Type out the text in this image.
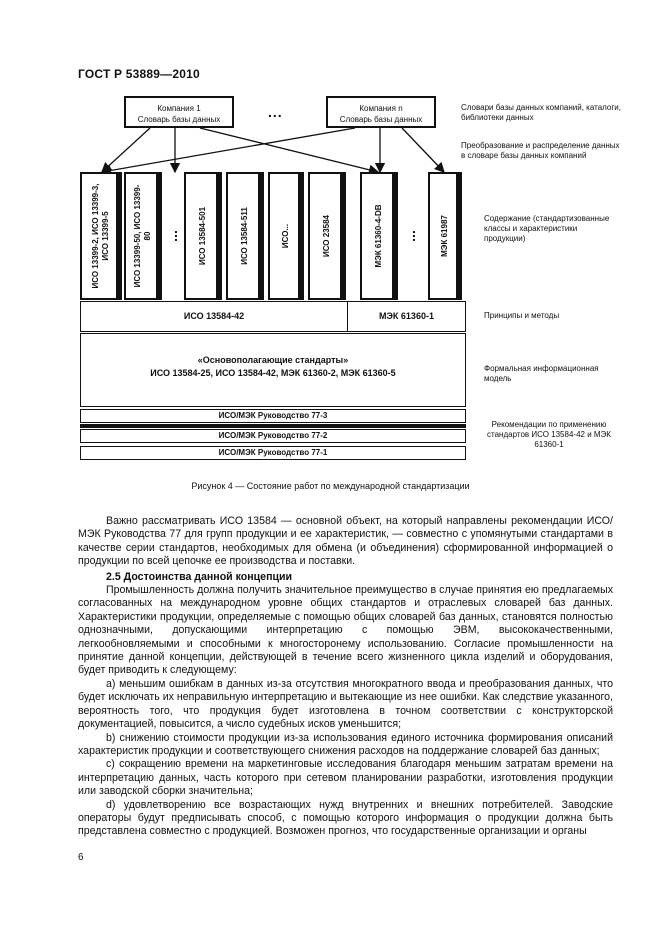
ГОСТ Р 53889—2010
Компания 1
Словарь базы данных	...	Компания n
Словарь базы данных
Словари базы данных компаний, каталоги, библиотеки данных
Преобразование и распределение данных в словаре базы данных компаний
ИСО 13399-2, ИСО 13399-3, ИСО 13399-5	ИСО 13399-50, ИСО 13399-80 ... ИСО 13584-501	ИСО 13584-511	ИСО...	ИСО 23584	МЭК 61360-4-DB ...	МЭК 61987	Содержание (стандартизованные классы и характеристики продукции)
ИСО 13584-42	МЭК 61360-1	Принципы и методы
«Основополагающие стандарты»
ИСО 13584-25, ИСО 13584-42, МЭК 61360-2, МЭК 61360-5	Формальная информационная модель
ИСО/МЭК Руководство 77-3
ИСО/МЭК Руководство 77-2
ИСО/МЭК Руководство 77-1
Рекомендации по применению стандартов ИСО 13584-42 и МЭК 61360-1
Рисунок 4 — Состояние работ по международной стандартизации

Важно рассматривать ИСО 13584 — основной объект, на который направлены рекомендации ИСО/МЭК Руководства 77 для групп продукции и ее характеристик, — совместно с упомянутыми стандартами в качестве серии стандартов, необходимых для обмена (и объединения) сформированной информацией о продукции по всей цепочке ее производства и поставки.

2.5 Достоинства данной концепции

Промышленность должна получить значительное преимущество в случае принятия ею предлагаемых согласованных на международном уровне общих стандартов и отраслевых словарей баз данных. Характеристики продукции, определяемые с помощью общих словарей баз данных, становятся полностью однозначными, допускающими интерпретацию с помощью ЭВМ, высококачественными, легкообновляемыми и способными к многосторонему использованию. Согласие промышленности на принятие данной концепции, действующей в течение всего жизненного цикла изделий и оборудования, будет приводить к следующему:

a) меньшим ошибкам в данных из-за отсутствия многократного ввода и преобразования данных, что будет исключать их неправильную интерпретацию и вытекающие из нее ошибки. Как следствие указанного, вероятность того, что продукция будет изготовлена в точном соответствии с конструкторской документацией, повысится, а число судебных исков уменьшится;

b) снижению стоимости продукции из-за использования единого источника формирования описаний характеристик продукции и соответствующего снижения расходов на поддержание словарей баз данных;

c) сокращению времени на маркетинговые исследования благодаря меньшим затратам времени на интерпретацию данных, часть которого при сетевом планировании разработки, изготовления продукции или заводской сборки значительна;

d) удовлетворению все возрастающих нужд внутренних и внешних потребителей. Заводские операторы будут предписывать способ, с помощью которого информация о продукции должна быть представлена совместно с продукцией. Возможен прогноз, что государственные организации и органы

6
